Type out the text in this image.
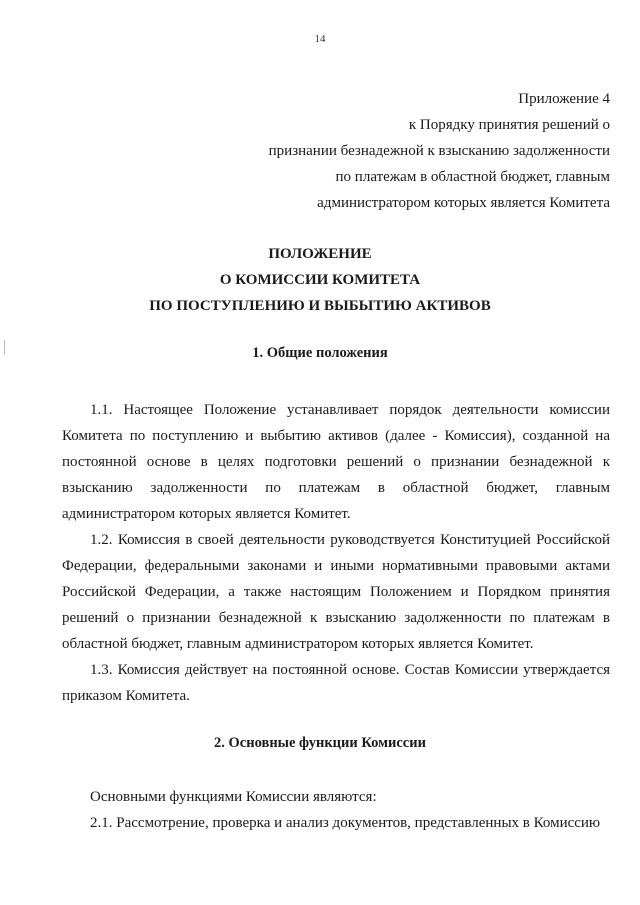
14
Приложение 4
к Порядку принятия решений о
признании безнадежной к взысканию задолженности
по платежам в областной бюджет, главным
администратором которых является Комитета
ПОЛОЖЕНИЕ
О КОМИССИИ КОМИТЕТА
ПО ПОСТУПЛЕНИЮ И ВЫБЫТИЮ АКТИВОВ
1. Общие положения

1.1. Настоящее Положение устанавливает порядок деятельности комиссии Комитета по поступлению и выбытию активов (далее - Комиссия), созданной на постоянной основе в целях подготовки решений о признании безнадежной к взысканию задолженности по платежам в областной бюджет, главным администратором которых является Комитет.

1.2. Комиссия в своей деятельности руководствуется Конституцией Российской Федерации, федеральными законами и иными нормативными правовыми актами Российской Федерации, а также настоящим Положением и Порядком принятия решений о признании безнадежной к взысканию задолженности по платежам в областной бюджет, главным администратором которых является Комитет.

1.3. Комиссия действует на постоянной основе. Состав Комиссии утверждается приказом Комитета.

2. Основные функции Комиссии

Основными функциями Комиссии являются:

2.1. Рассмотрение, проверка и анализ документов, представленных в Комиссию
